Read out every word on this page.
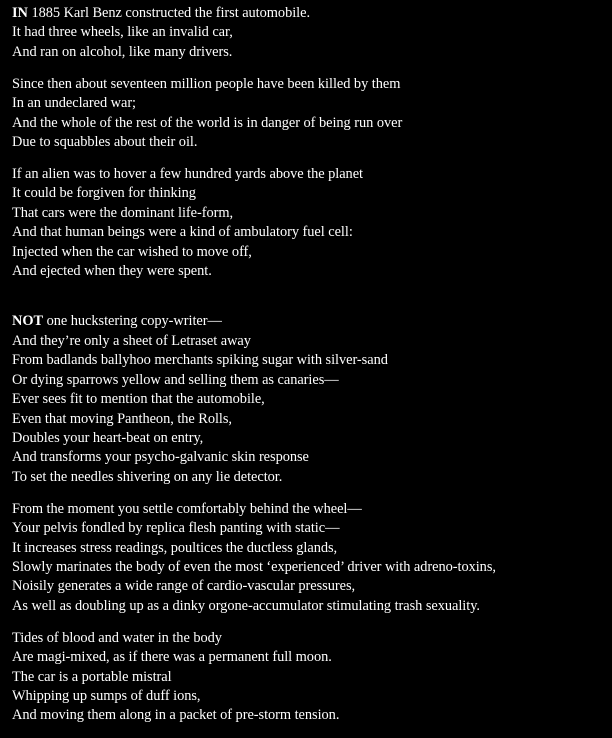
IN 1885 Karl Benz constructed the first automobile.
It had three wheels, like an invalid car,
And ran on alcohol, like many drivers.
Since then about seventeen million people have been killed by them
In an undeclared war;
And the whole of the rest of the world is in danger of being run over
Due to squabbles about their oil.
If an alien was to hover a few hundred yards above the planet
It could be forgiven for thinking
That cars were the dominant life-form,
And that human beings were a kind of ambulatory fuel cell:
Injected when the car wished to move off,
And ejected when they were spent.
NOT one huckstering copy-writer—
And they’re only a sheet of Letraset away
From badlands ballyhoo merchants spiking sugar with silver-sand
Or dying sparrows yellow and selling them as canaries—
Ever sees fit to mention that the automobile,
Even that moving Pantheon, the Rolls,
Doubles your heart-beat on entry,
And transforms your psycho-galvanic skin response
To set the needles shivering on any lie detector.
From the moment you settle comfortably behind the wheel—
Your pelvis fondled by replica flesh panting with static—
It increases stress readings, poultices the ductless glands,
Slowly marinates the body of even the most ‘experienced’ driver with adreno-toxins,
Noisily generates a wide range of cardio-vascular pressures,
As well as doubling up as a dinky orgone-accumulator stimulating trash sexuality.
Tides of blood and water in the body
Are magi-mixed, as if there was a permanent full moon.
The car is a portable mistral
Whipping up sumps of duff ions,
And moving them along in a packet of pre-storm tension.
